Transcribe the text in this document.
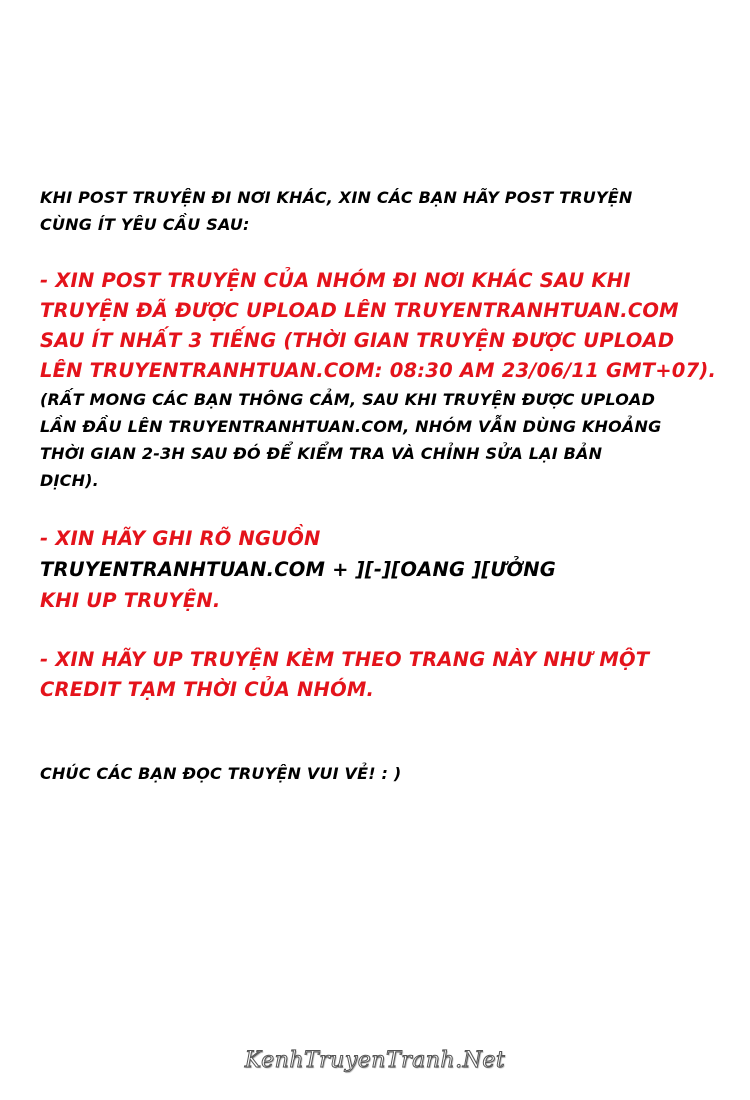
KHI POST TRUYỆN ĐI NƠI KHÁC, XIN CÁC BẠN HÃY POST TRUYỆN
CÙNG ÍT YÊU CẦU SAU:
- XIN POST TRUYỆN CỦA NHÓM ĐI NƠI KHÁC SAU KHI
TRUYỆN ĐÃ ĐƯỢC UPLOAD LÊN TRUYENTRANHTUAN.COM
SAU ÍT NHẤT 3 TIẾNG (THỜI GIAN TRUYỆN ĐƯỢC UPLOAD
LÊN TRUYENTRANHTUAN.COM: 08:30 AM 23/06/11 GMT+07).
(RẤT MONG CÁC BẠN THÔNG CẢM, SAU KHI TRUYỆN ĐƯỢC UPLOAD
LẦN ĐẦU LÊN TRUYENTRANHTUAN.COM, NHÓM VẪN DÙNG KHOẢNG
THỜI GIAN 2-3H SAU ĐÓ ĐỂ KIỂM TRA VÀ CHỈNH SỬA LẠI BẢN
DỊCH).
- XIN HÃY GHI RÕ NGUỒN
TRUYENTRANHTUAN.COM + ][-][OANG ][ƯỞNG
KHI UP TRUYỆN.
- XIN HÃY UP TRUYỆN KÈM THEO TRANG NÀY NHƯ MỘT
CREDIT TẠM THỜI CỦA NHÓM.
CHÚC CÁC BẠN ĐỌC TRUYỆN VUI VẺ! : )
KenhTruyenTranh.Net
